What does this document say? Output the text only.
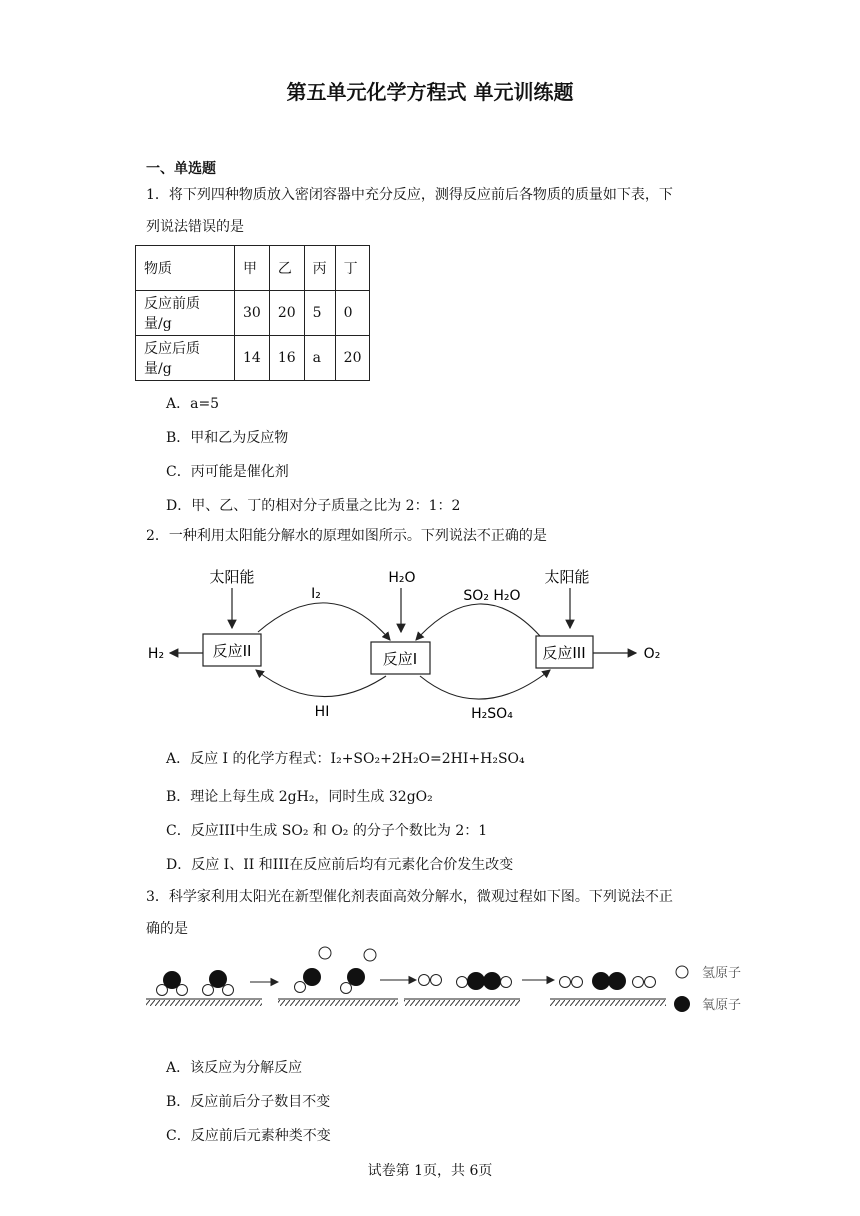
第五单元化学方程式 单元训练题
一、单选题
1．将下列四种物质放入密闭容器中充分反应，测得反应前后各物质的质量如下表，下
列说法错误的是
物质	甲	乙	丙	丁
反应前质量/g	30	20	5	0
反应后质量/g	14	16	a	20
A．a=5
B．甲和乙为反应物
C．丙可能是催化剂
D．甲、乙、丁的相对分子质量之比为 2：1：2
2．一种利用太阳能分解水的原理如图所示。下列说法不正确的是
太阳能	H₂O	太阳能
反应II	反应I	反应III
I₂	SO₂ H₂O
HI	H₂SO₄
H₂	O₂
A．反应 I 的化学方程式：I₂+SO₂+2H₂O=2HI+H₂SO₄
B．理论上每生成 2gH₂，同时生成 32gO₂
C．反应III中生成 SO₂ 和 O₂ 的分子个数比为 2：1
D．反应 I、II 和III在反应前后均有元素化合价发生改变
3．科学家利用太阳光在新型催化剂表面高效分解水，微观过程如下图。下列说法不正
确的是
氢原子
氧原子
A．该反应为分解反应
B．反应前后分子数目不变
C．反应前后元素种类不变
试卷第 1页，共 6页
